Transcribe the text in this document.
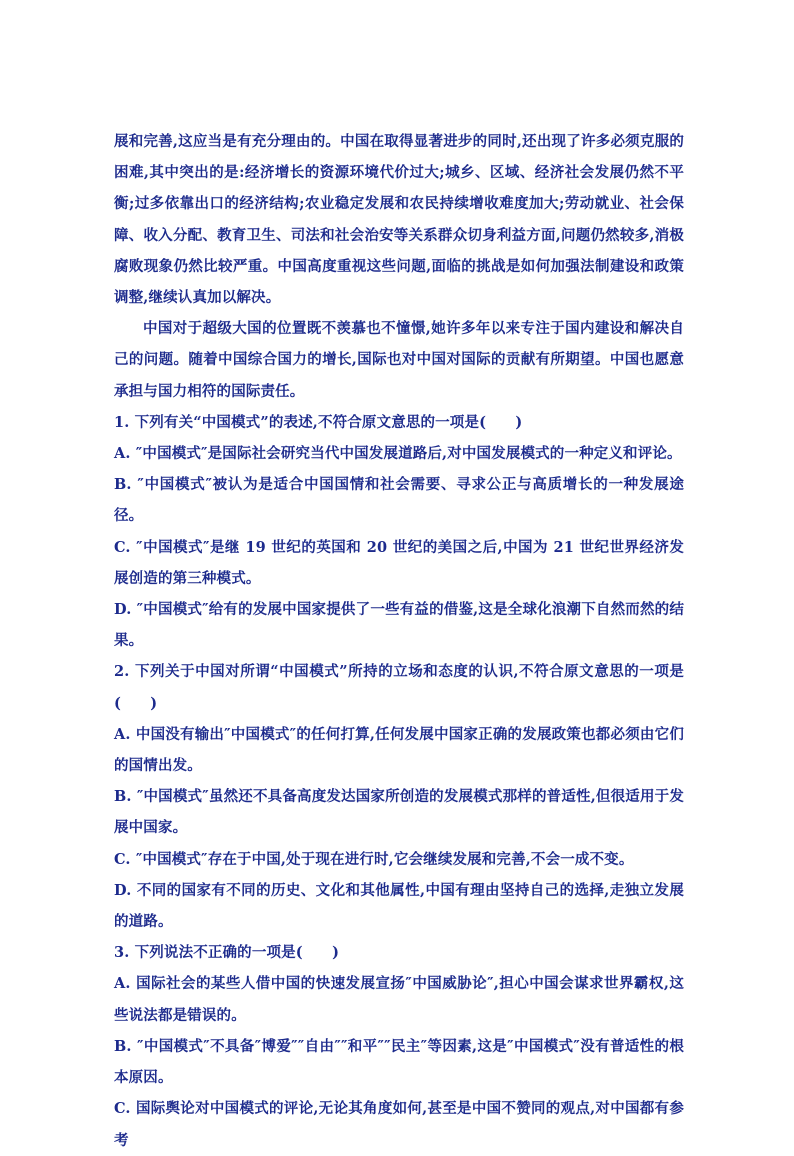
展和完善,这应当是有充分理由的。中国在取得显著进步的同时,还出现了许多必须克服的困难,其中突出的是:经济增长的资源环境代价过大;城乡、区域、经济社会发展仍然不平衡;过多依靠出口的经济结构;农业稳定发展和农民持续增收难度加大;劳动就业、社会保障、收入分配、教育卫生、司法和社会治安等关系群众切身利益方面,问题仍然较多,消极腐败现象仍然比较严重。中国高度重视这些问题,面临的挑战是如何加强法制建设和政策调整,继续认真加以解决。

中国对于超级大国的位置既不羡慕也不憧憬,她许多年以来专注于国内建设和解决自己的问题。随着中国综合国力的增长,国际也对中国对国际的贡献有所期望。中国也愿意承担与国力相符的国际责任。

1. 下列有关“中国模式”的表述,不符合原文意思的一项是(　　)

A. ″中国模式″是国际社会研究当代中国发展道路后,对中国发展模式的一种定义和评论。

B. ″中国模式″被认为是适合中国国情和社会需要、寻求公正与高质增长的一种发展途径。

C. ″中国模式″是继 19 世纪的英国和 20 世纪的美国之后,中国为 21 世纪世界经济发展创造的第三种模式。

D. ″中国模式″给有的发展中国家提供了一些有益的借鉴,这是全球化浪潮下自然而然的结果。

2. 下列关于中国对所谓“中国模式”所持的立场和态度的认识,不符合原文意思的一项是(　　)

A. 中国没有输出″中国模式″的任何打算,任何发展中国家正确的发展政策也都必须由它们的国情出发。

B. ″中国模式″虽然还不具备高度发达国家所创造的发展模式那样的普适性,但很适用于发展中国家。

C. ″中国模式″存在于中国,处于现在进行时,它会继续发展和完善,不会一成不变。

D. 不同的国家有不同的历史、文化和其他属性,中国有理由坚持自己的选择,走独立发展的道路。

3. 下列说法不正确的一项是(　　)

A. 国际社会的某些人借中国的快速发展宣扬″中国威胁论″,担心中国会谋求世界霸权,这些说法都是错误的。

B. ″中国模式″不具备″博爱″″自由″″和平″″民主″等因素,这是″中国模式″没有普适性的根本原因。

C. 国际舆论对中国模式的评论,无论其角度如何,甚至是中国不赞同的观点,对中国都有参考
